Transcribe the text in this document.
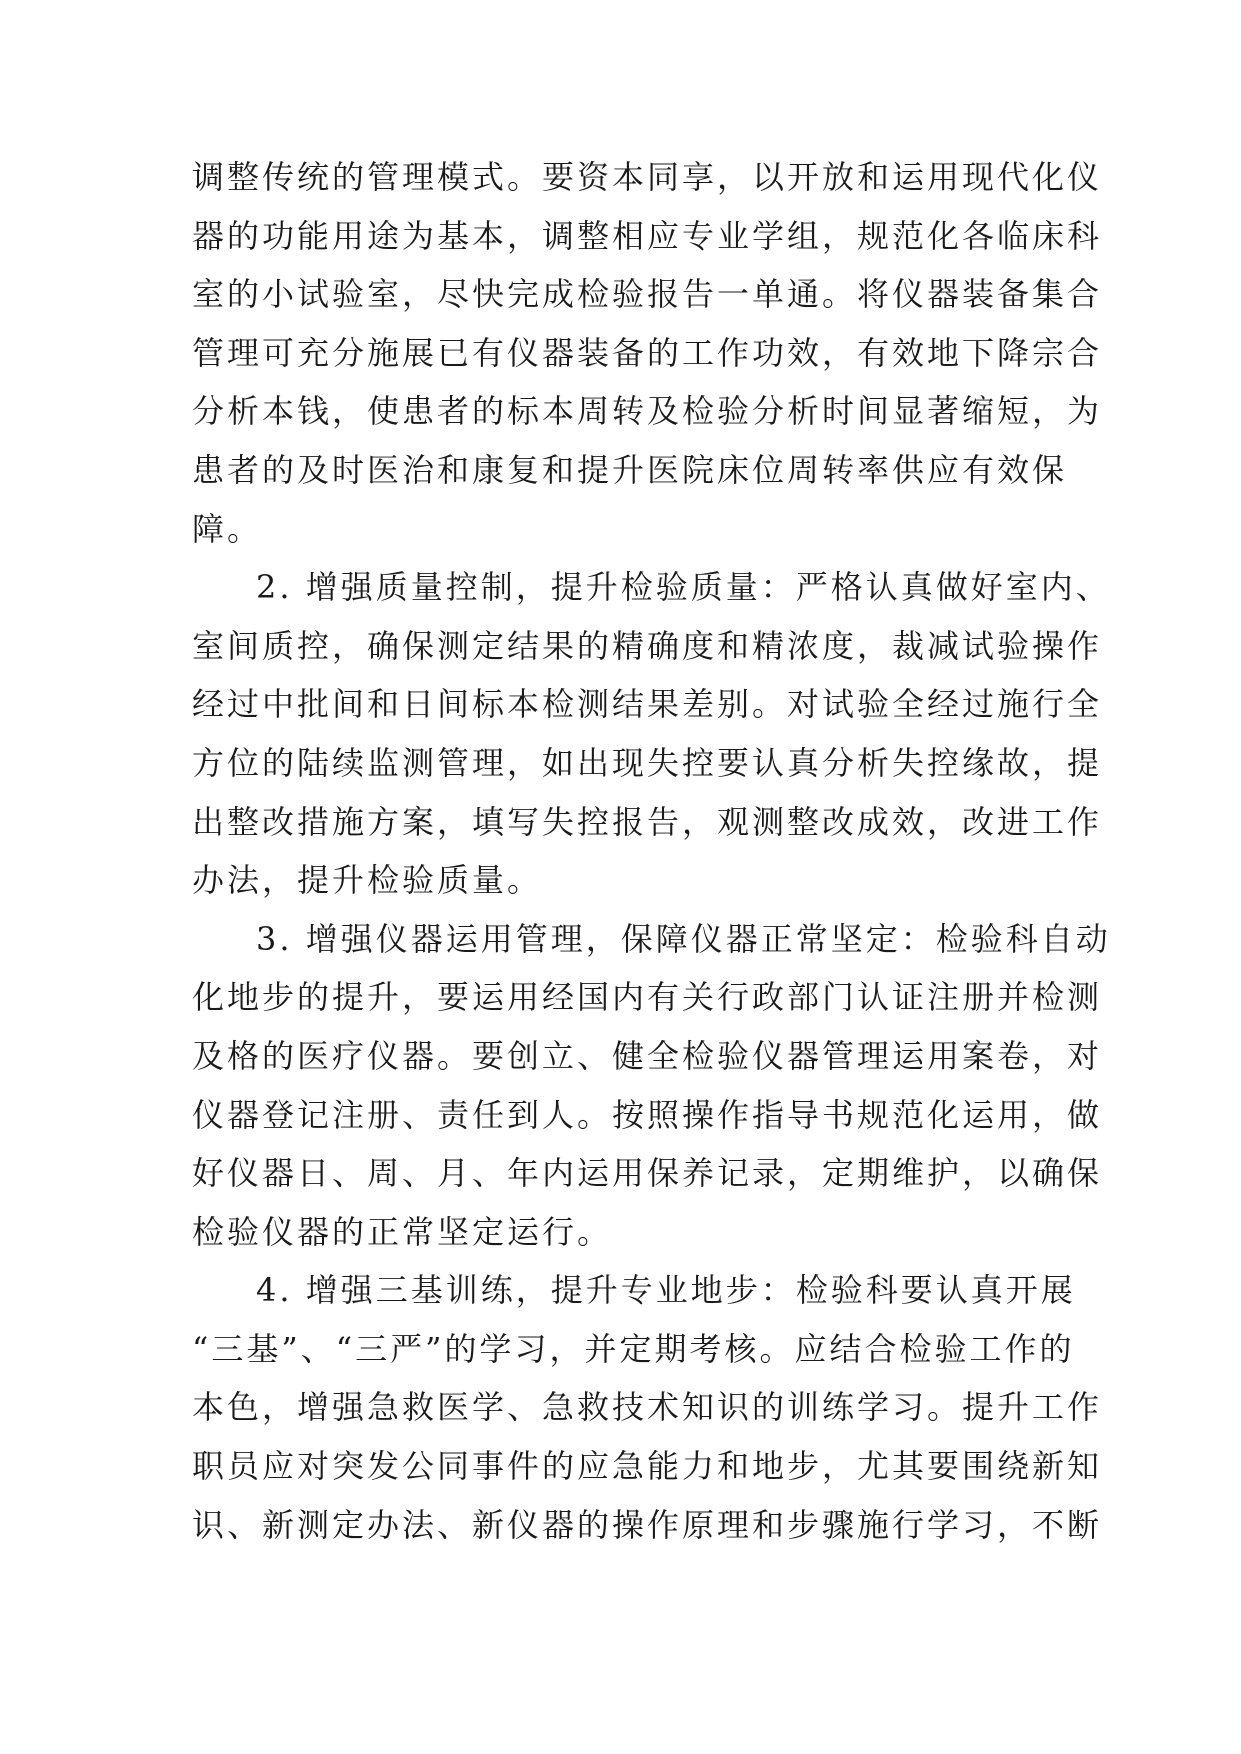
调整传统的管理模式。要资本同享，以开放和运用现代化仪
器的功能用途为基本，调整相应专业学组，规范化各临床科
室的小试验室，尽快完成检验报告一单通。将仪器装备集合
管理可充分施展已有仪器装备的工作功效，有效地下降宗合
分析本钱，使患者的标本周转及检验分析时间显著缩短，为
患者的及时医治和康复和提升医院床位周转率供应有效保
障。
2. 增强质量控制，提升检验质量：严格认真做好室内、
室间质控，确保测定结果的精确度和精浓度，裁减试验操作
经过中批间和日间标本检测结果差别。对试验全经过施行全
方位的陆续监测管理，如出现失控要认真分析失控缘故，提
出整改措施方案，填写失控报告，观测整改成效，改进工作
办法，提升检验质量。
3. 增强仪器运用管理，保障仪器正常坚定：检验科自动
化地步的提升，要运用经国内有关行政部门认证注册并检测
及格的医疗仪器。要创立、健全检验仪器管理运用案卷，对
仪器登记注册、责任到人。按照操作指导书规范化运用，做
好仪器日、周、月、年内运用保养记录，定期维护，以确保
检验仪器的正常坚定运行。
4. 增强三基训练，提升专业地步：检验科要认真开展
“三基”、“三严”的学习，并定期考核。应结合检验工作的
本色，增强急救医学、急救技术知识的训练学习。提升工作
职员应对突发公同事件的应急能力和地步，尤其要围绕新知
识、新测定办法、新仪器的操作原理和步骤施行学习，不断
